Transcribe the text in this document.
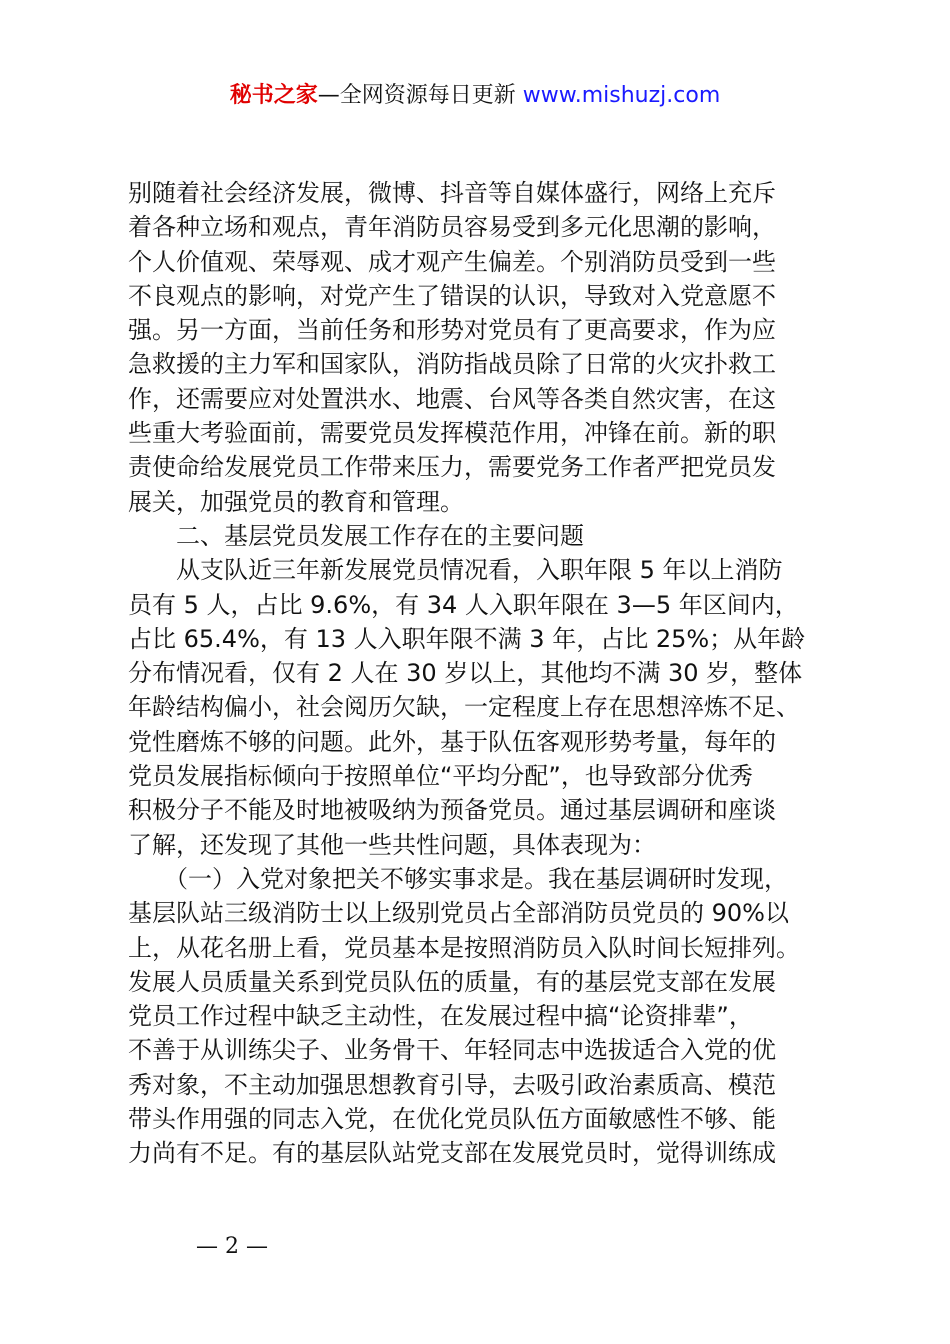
秘书之家—全网资源每日更新 www.mishuzj.com
别随着社会经济发展，微博、抖音等自媒体盛行，网络上充斥
着各种立场和观点，青年消防员容易受到多元化思潮的影响，
个人价值观、荣辱观、成才观产生偏差。个别消防员受到一些
不良观点的影响，对党产生了错误的认识，导致对入党意愿不
强。另一方面，当前任务和形势对党员有了更高要求，作为应
急救援的主力军和国家队，消防指战员除了日常的火灾扑救工
作，还需要应对处置洪水、地震、台风等各类自然灾害，在这
些重大考验面前，需要党员发挥模范作用，冲锋在前。新的职
责使命给发展党员工作带来压力，需要党务工作者严把党员发
展关，加强党员的教育和管理。
　　二、基层党员发展工作存在的主要问题
　　从支队近三年新发展党员情况看，入职年限 5 年以上消防
员有 5 人，占比 9.6%，有 34 人入职年限在 3—5 年区间内，
占比 65.4%，有 13 人入职年限不满 3 年，占比 25%；从年龄
分布情况看，仅有 2 人在 30 岁以上，其他均不满 30 岁，整体
年龄结构偏小，社会阅历欠缺，一定程度上存在思想淬炼不足、
党性磨炼不够的问题。此外，基于队伍客观形势考量，每年的
党员发展指标倾向于按照单位“平均分配”，也导致部分优秀
积极分子不能及时地被吸纳为预备党员。通过基层调研和座谈
了解，还发现了其他一些共性问题，具体表现为：
　　（一）入党对象把关不够实事求是。我在基层调研时发现，
基层队站三级消防士以上级别党员占全部消防员党员的 90%以
上，从花名册上看，党员基本是按照消防员入队时间长短排列。
发展人员质量关系到党员队伍的质量，有的基层党支部在发展
党员工作过程中缺乏主动性，在发展过程中搞“论资排辈”，
不善于从训练尖子、业务骨干、年轻同志中选拔适合入党的优
秀对象，不主动加强思想教育引导，去吸引政治素质高、模范
带头作用强的同志入党，在优化党员队伍方面敏感性不够、能
力尚有不足。有的基层队站党支部在发展党员时，觉得训练成
— 2 —
